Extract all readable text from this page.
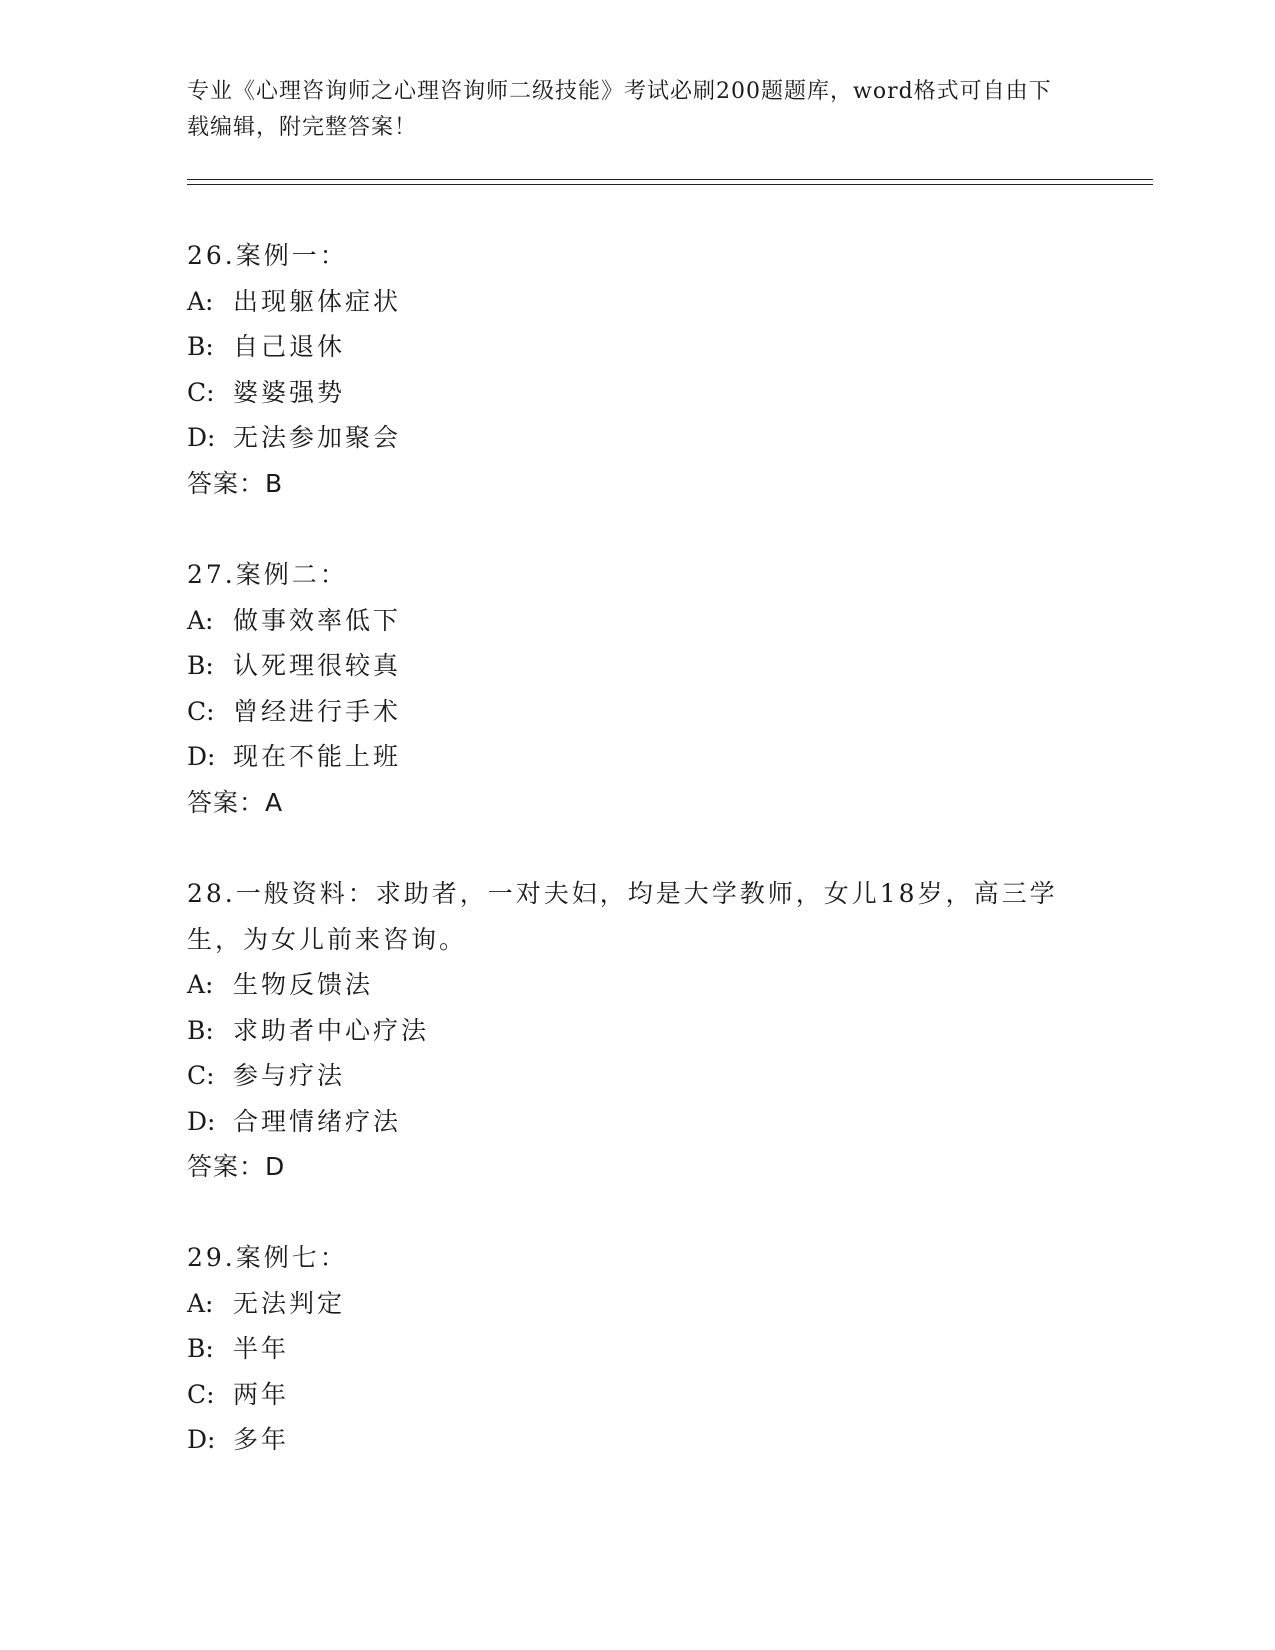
专业《心理咨询师之心理咨询师二级技能》考试必刷200题题库，word格式可自由下载编辑，附完整答案！
26.案例一：
A: 出现躯体症状
B: 自己退休
C: 婆婆强势
D: 无法参加聚会
答案：B
27.案例二：
A: 做事效率低下
B: 认死理很较真
C: 曾经进行手术
D: 现在不能上班
答案：A
28.一般资料：求助者，一对夫妇，均是大学教师，女儿18岁，高三学生，为女儿前来咨询。
A: 生物反馈法
B: 求助者中心疗法
C: 参与疗法
D: 合理情绪疗法
答案：D
29.案例七：
A: 无法判定
B: 半年
C: 两年
D: 多年
